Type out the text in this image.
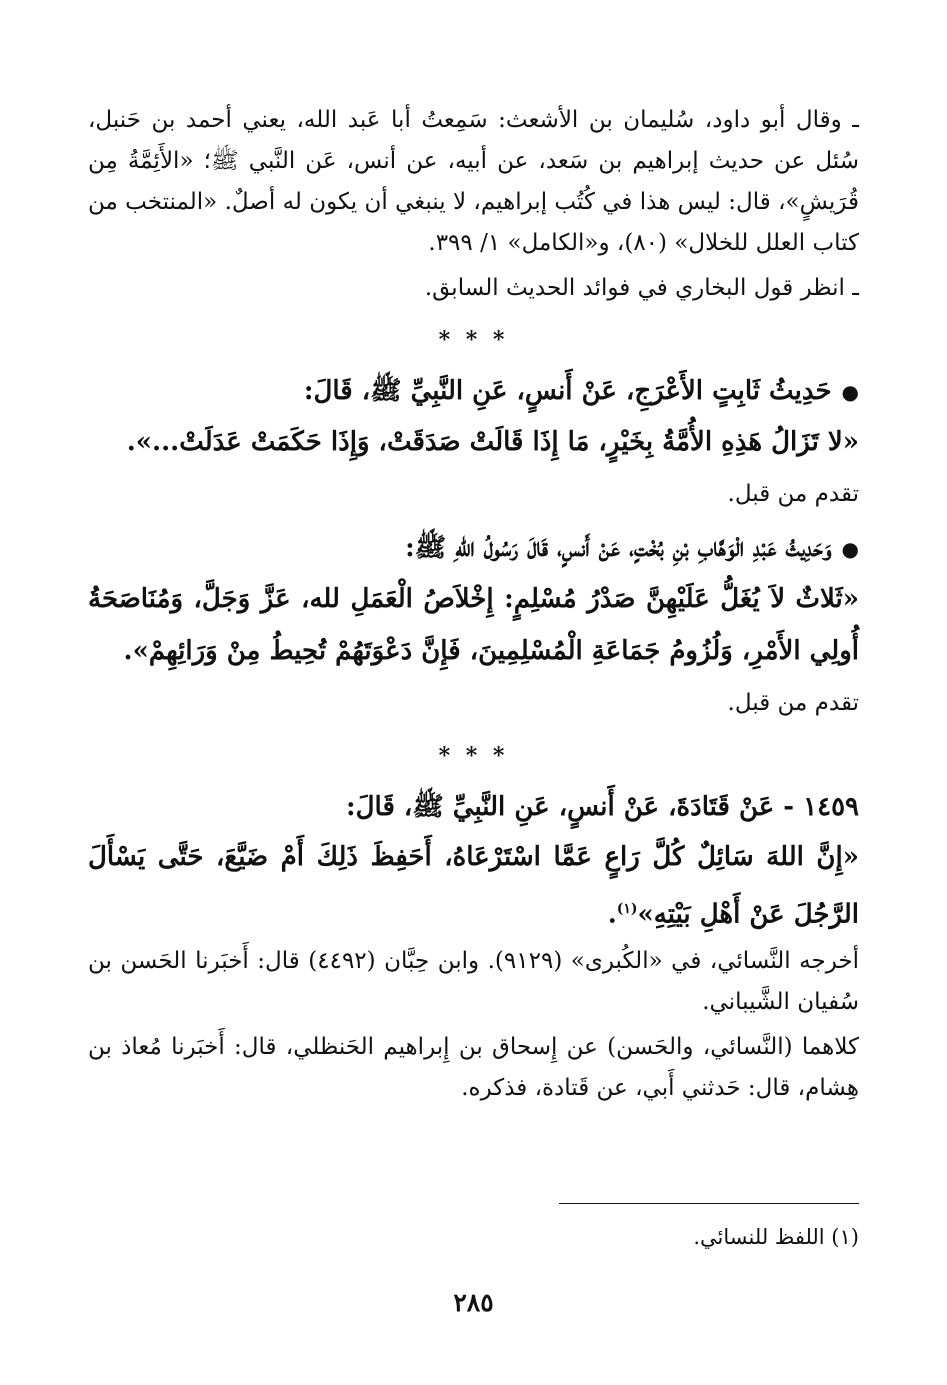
ـ وقال أبو داود، سُليمان بن الأشعث: سَمِعتُ أبا عَبد الله، يعني أحمد بن حَنبل، سُئل عن حديث إبراهيم بن سَعد، عن أبيه، عن أنس، عَن النَّبي ﷺ؛ «الأَئِمَّةُ مِن قُرَيشٍ»، قال: ليس هذا في كُتُب إبراهيم، لا ينبغي أن يكون له أصلٌ. «المنتخب من كتاب العلل للخلال» (٨٠)، و«الكامل» ١/ ٣٩٩.

ـ انظر قول البخاري في فوائد الحديث السابق.

* * *

●حَدِيثُ ثَابِتٍ الأَعْرَجِ، عَنْ أَنسٍ، عَنِ النَّبِيِّ ﷺ، قَالَ:

«لا تَزَالُ هَذِهِ الأُمَّةُ بِخَيْرٍ، مَا إِذَا قَالَتْ صَدَقَتْ، وَإِذَا حَكَمَتْ عَدَلَتْ...».

تقدم من قبل.

●وَحَدِيثُ عَبْدِ الْوَهَّابِ بْنِ بُخْتٍ، عَنْ أَنسٍ، قَالَ رَسُولُ اللهِ ﷺ:

«ثَلاثٌ لاَ يُغَلُّ عَلَيْهِنَّ صَدْرُ مُسْلِمٍ: إِخْلاَصُ الْعَمَلِ لله، عَزَّ وَجَلَّ، وَمُنَاصَحَةُ أُولِي الأَمْرِ، وَلُزُومُ جَمَاعَةِ الْمُسْلِمِينَ، فَإِنَّ دَعْوَتَهُمْ تُحِيطُ مِنْ وَرَائِهِمْ».

تقدم من قبل.

* * *

١٤٥٩ - عَنْ قَتَادَةَ، عَنْ أَنسٍ، عَنِ النَّبِيِّ ﷺ، قَالَ:

«إِنَّ اللهَ سَائِلٌ كُلَّ رَاعٍ عَمَّا اسْتَرْعَاهُ، أَحَفِظَ ذَلِكَ أَمْ ضَيَّعَ، حَتَّى يَسْأَلَ الرَّجُلَ عَنْ أَهْلِ بَيْتِهِ»$^{(١)}$.

أخرجه النَّسائي، في «الكُبرى» (٩١٢٩). وابن حِبَّان (٤٤٩٢) قال: أَخبَرنا الحَسن بن سُفيان الشَّيباني.

كلاهما (النَّسائي، والحَسن) عن إِسحاق بن إِبراهيم الحَنظلي، قال: أَخبَرنا مُعاذ بن هِشام، قال: حَدثني أَبي، عن قَتادة، فذكره.

(١) اللفظ للنسائي.
٢٨٥
